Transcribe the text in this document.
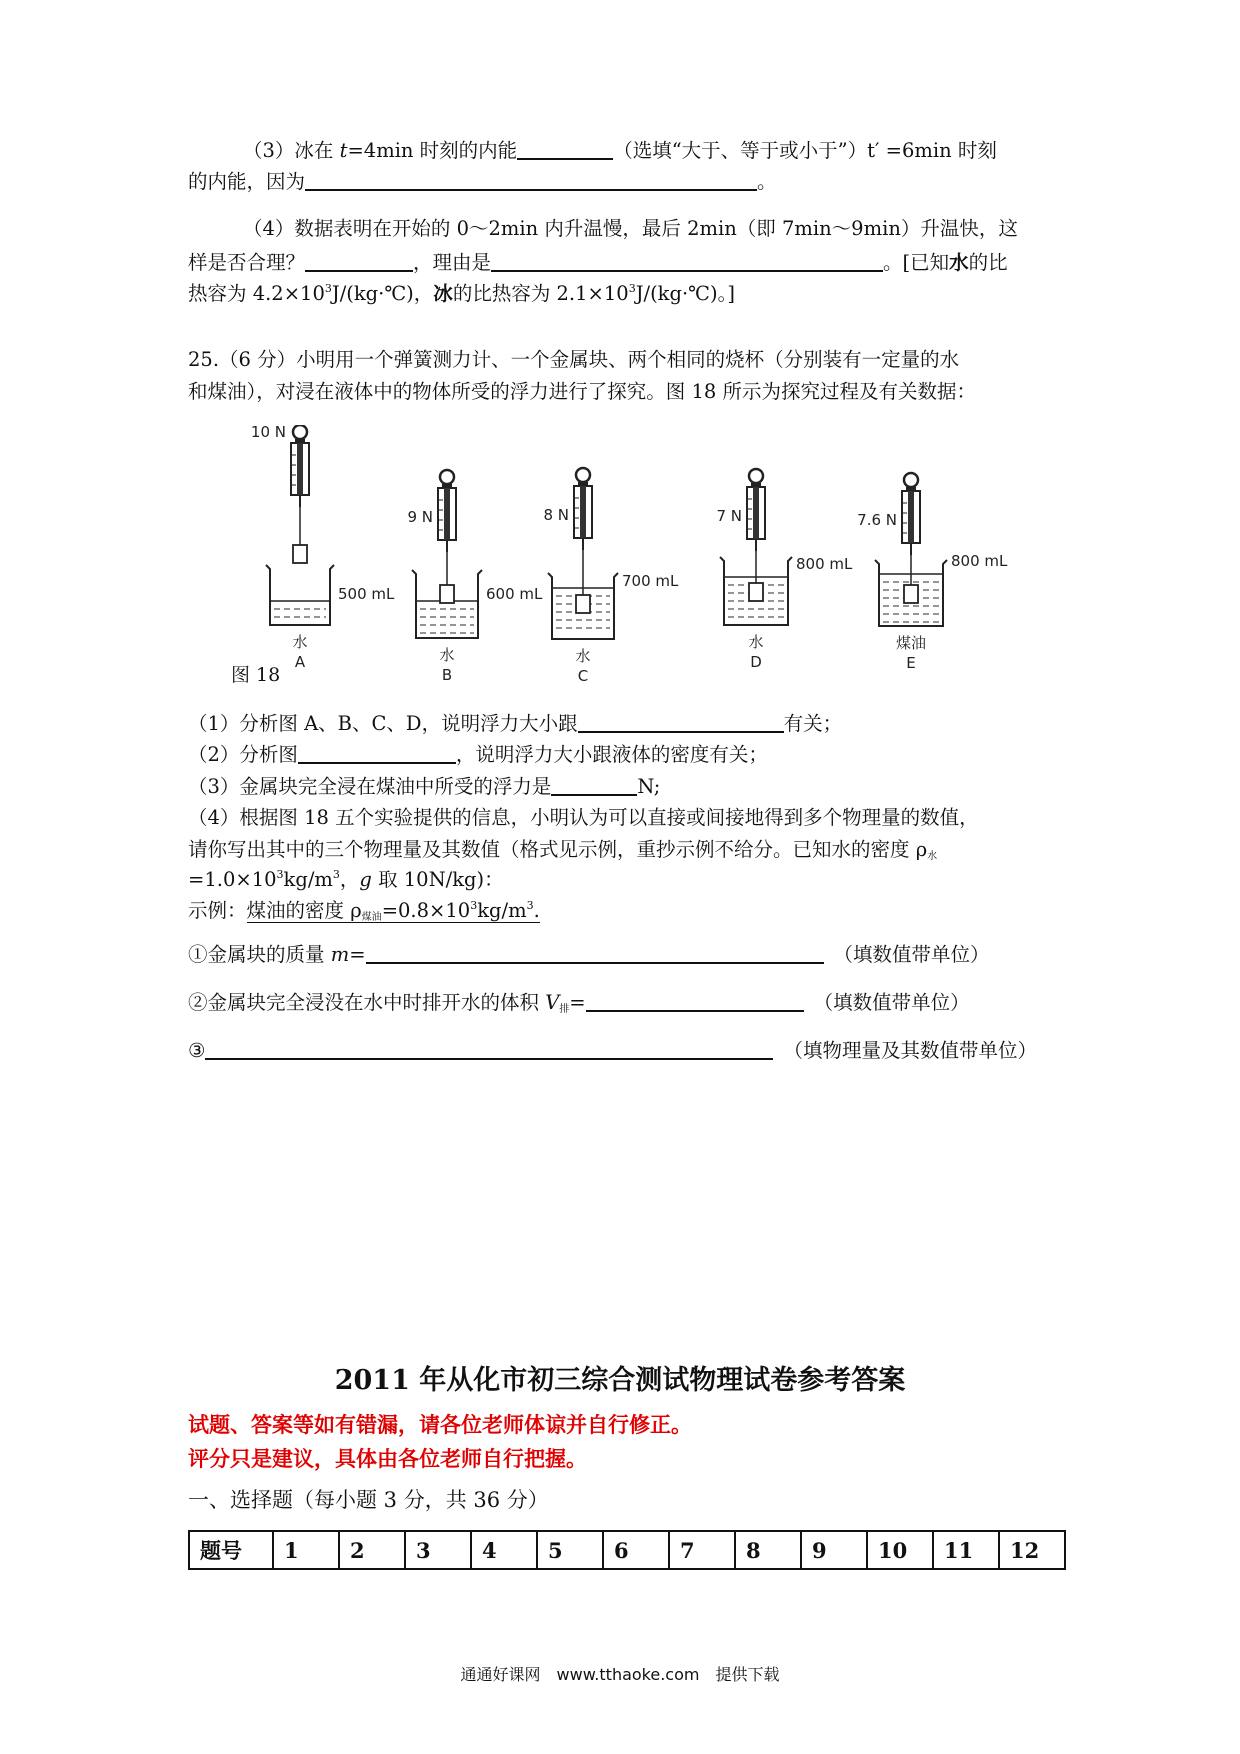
（3）冰在 t=4min 时刻的内能	（选填“大于、等于或小于”）t′ =6min 时刻
的内能，因为	。
（4）数据表明在开始的 0～2min 内升温慢，最后 2min（即 7min～9min）升温快，这
样是否合理？	，理由是	。[已知水的比
热容为 $4.2\times 10^3J/(kg\cdot℃)$，冰的比热容为 $2.1\times 10^3J/(kg\cdot℃)$。]
25.（6 分）小明用一个弹簧测力计、一个金属块、两个相同的烧杯（分别装有一定量的水
和煤油），对浸在液体中的物体所受的浮力进行了探究。图 18 所示为探究过程及有关数据：
10 N
500 mL
水
A
9 N
600 mL
水
B
8 N
700 mL
水
C
7 N
800 mL
水
D
7.6 N
800 mL
煤油
E
图 18
（1）分析图 A、B、C、D，说明浮力大小跟	有关；
（2）分析图	，说明浮力大小跟液体的密度有关；
（3）金属块完全浸在煤油中所受的浮力是	N;
（4）根据图 18 五个实验提供的信息，小明认为可以直接或间接地得到多个物理量的数值，
请你写出其中的三个物理量及其数值（格式见示例，重抄示例不给分。已知水的密度 $\rho_水$
$=1.0\times 10^3kg/m^3$，g 取 10N/kg)：
示例：煤油的密度 $\rho_{煤油}=0.8\times 10^3kg/m^3$.
①金属块的质量 m=	（填数值带单位）
②金属块完全浸没在水中时排开水的体积 $V_排=$	（填数值带单位）
③	（填物理量及其数值带单位）
2011 年从化市初三综合测试物理试卷参考答案
试题、答案等如有错漏，请各位老师体谅并自行修正。
评分只是建议，具体由各位老师自行把握。
一、选择题（每小题 3 分，共 36 分）
题号	1	2	3	4	5	6	7	8	9	10	11	12
通通好课网　www.tthaoke.com　提供下载
